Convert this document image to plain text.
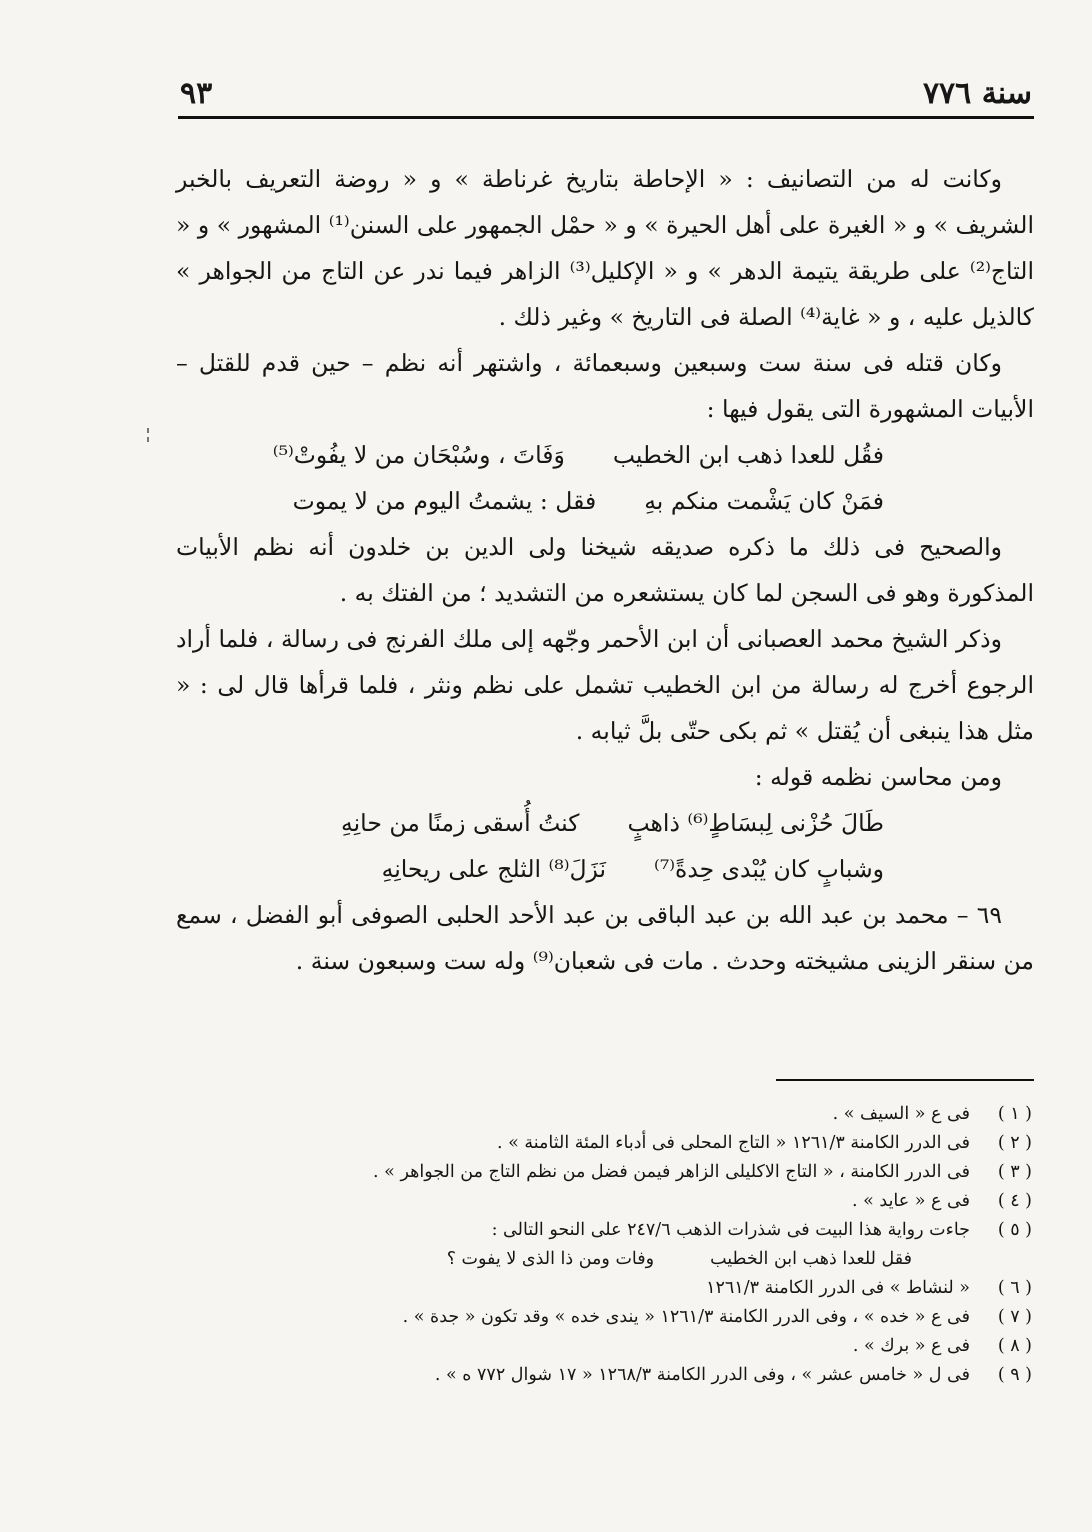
سنة ٧٧٦
٩٣

وكانت له من التصانيف : « الإحاطة بتاريخ غرناطة » و « روضة التعريف بالخبر الشريف » و « الغيرة على أهل الحيرة » و « حمْل الجمهور على السنن⁽¹⁾ المشهور » و « التاج⁽²⁾ على طريقة يتيمة الدهر » و « الإكليل⁽³⁾ الزاهر فيما ندر عن التاج من الجواهر » كالذيل عليه ، و « غاية⁽⁴⁾ الصلة فى التاريخ » وغير ذلك .

وكان قتله فى سنة ست وسبعين وسبعمائة ، واشتهر أنه نظم – حين قدم للقتل – الأبيات المشهورة التى يقول فيها :

فقُل للعدا ذهب ابن الخطيب
وَفَاتَ ، وسُبْحَان من لا يفُوتْ⁽⁵⁾
فمَنْ كان يَشْمت منكم بهِ
فقل : يشمتُ اليوم من لا يموت

والصحيح فى ذلك ما ذكره صديقه شيخنا ولى الدين بن خلدون أنه نظم الأبيات المذكورة وهو فى السجن لما كان يستشعره من التشديد ؛ من الفتك به .

وذكر الشيخ محمد العصبانى أن ابن الأحمر وجّهه إلى ملك الفرنج فى رسالة ، فلما أراد الرجوع أخرج له رسالة من ابن الخطيب تشمل على نظم ونثر ، فلما قرأها قال لى : « مثل هذا ينبغى أن يُقتل » ثم بكى حتّى بلَّ ثيابه .

ومن محاسن نظمه قوله :

طَالَ حُزْنى لِبسَاطٍ⁽⁶⁾ ذاهبٍ
كنتُ أُسقى زمنًا من حانِهِ
وشبابٍ كان يُبْدى حِدةً⁽⁷⁾
نَزَلَ⁽⁸⁾ الثلج على ريحانِهِ

٦٩ – محمد بن عبد الله بن عبد الباقى بن عبد الأحد الحلبى الصوفى أبو الفضل ، سمع من سنقر الزينى مشيخته وحدث . مات فى شعبان⁽⁹⁾ وله ست وسبعون سنة .

( ١ )
فى ع « السيف » .
( ٢ )
فى الدرر الكامنة ١٢٦١/٣ « التاج المحلى فى أدباء المئة الثامنة » .
( ٣ )
فى الدرر الكامنة ، « التاج الاكليلى الزاهر فيمن فضل من نظم التاج من الجواهر » .
( ٤ )
فى ع « عايد » .
( ٥ )
جاءت رواية هذا البيت فى شذرات الذهب ٢٤٧/٦ على النحو التالى :
فقل للعدا ذهب ابن الخطيب
وفات ومن ذا الذى لا يفوت ؟
( ٦ )
« لنشاط » فى الدرر الكامنة ١٢٦١/٣
( ٧ )
فى ع « خده » ، وفى الدرر الكامنة ١٢٦١/٣ « يندى خده » وقد تكون « جدة » .
( ٨ )
فى ع « برك » .
( ٩ )
فى ل « خامس عشر » ، وفى الدرر الكامنة ١٢٦٨/٣ « ١٧ شوال ٧٧٢ ه » .
